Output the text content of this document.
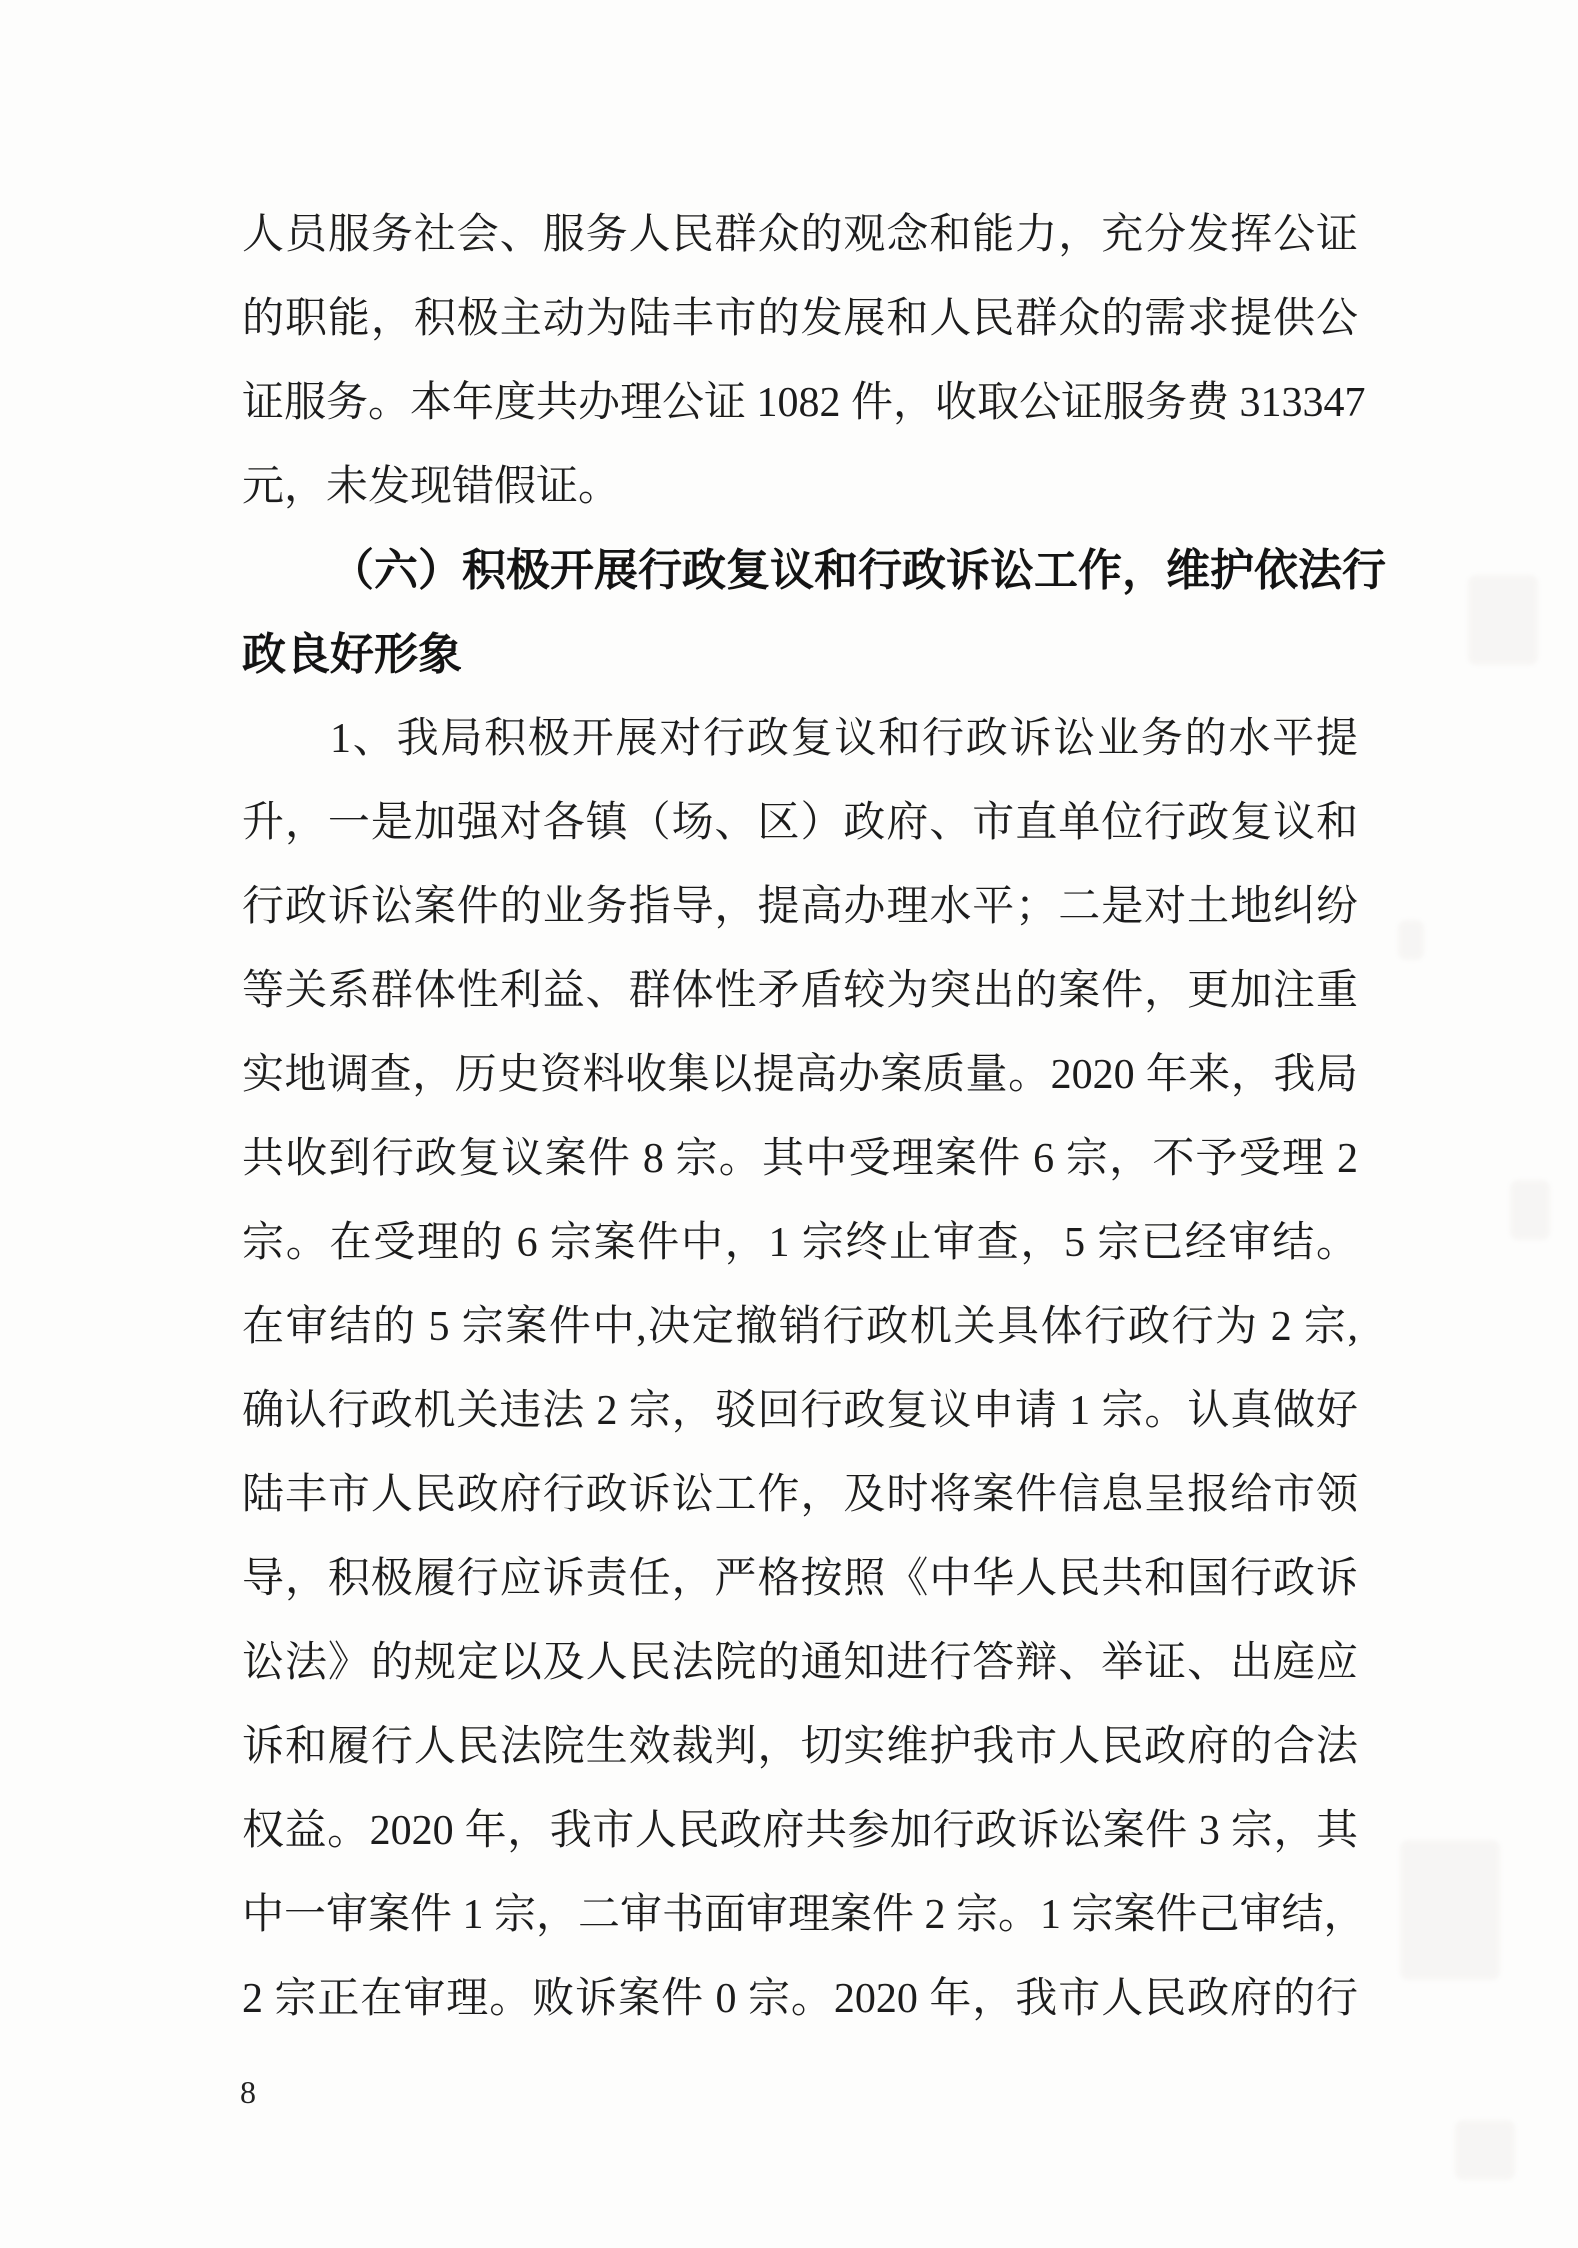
人员服务社会、服务人民群众的观念和能力，充分发挥公证
的职能，积极主动为陆丰市的发展和人民群众的需求提供公
证服务。本年度共办理公证 1082 件，收取公证服务费 313347
元，未发现错假证。
（六）积极开展行政复议和行政诉讼工作，维护依法行
政良好形象
1、我局积极开展对行政复议和行政诉讼业务的水平提
升，一是加强对各镇（场、区）政府、市直单位行政复议和
行政诉讼案件的业务指导，提高办理水平；二是对土地纠纷
等关系群体性利益、群体性矛盾较为突出的案件，更加注重
实地调查，历史资料收集以提高办案质量。2020 年来，我局
共收到行政复议案件 8 宗。其中受理案件 6 宗，不予受理 2
宗。在受理的 6 宗案件中，1 宗终止审查，5 宗已经审结。
在审结的 5 宗案件中,决定撤销行政机关具体行政行为 2 宗,
确认行政机关违法 2 宗，驳回行政复议申请 1 宗。认真做好
陆丰市人民政府行政诉讼工作，及时将案件信息呈报给市领
导，积极履行应诉责任，严格按照《中华人民共和国行政诉
讼法》的规定以及人民法院的通知进行答辩、举证、出庭应
诉和履行人民法院生效裁判，切实维护我市人民政府的合法
权益。2020 年，我市人民政府共参加行政诉讼案件 3 宗，其
中一审案件 1 宗，二审书面审理案件 2 宗。1 宗案件己审结，
2 宗正在审理。败诉案件 0 宗。2020 年，我市人民政府的行
8
